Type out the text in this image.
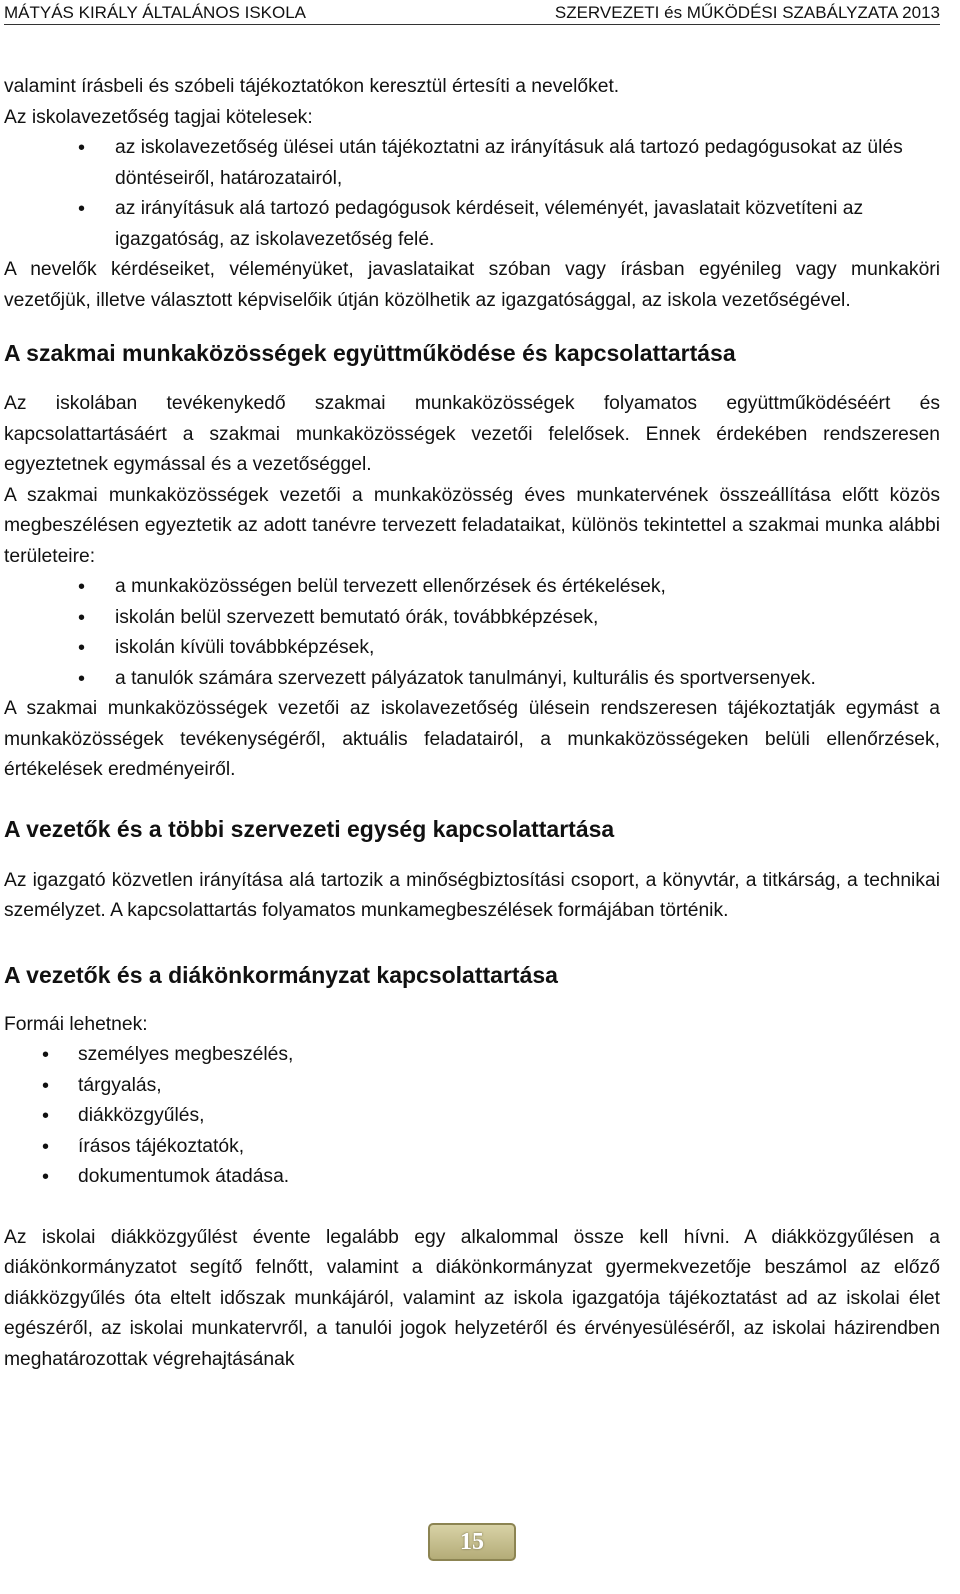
MÁTYÁS KIRÁLY ÁLTALÁNOS ISKOLA	SZERVEZETI és MŰKÖDÉSI SZABÁLYZATA 2013

valamint írásbeli és szóbeli tájékoztatókon keresztül értesíti a nevelőket.

Az iskolavezetőség tagjai kötelesek:

• az iskolavezetőség ülései után tájékoztatni az irányításuk alá tartozó pedagógusokat az ülés döntéseiről, határozatairól,
• az irányításuk alá tartozó pedagógusok kérdéseit, véleményét, javaslatait közvetíteni az igazgatóság, az iskolavezetőség felé.

A nevelők kérdéseiket, véleményüket, javaslataikat szóban vagy írásban egyénileg vagy munkaköri vezetőjük, illetve választott képviselőik útján közölhetik az igazgatósággal, az iskola vezetőségével.

A szakmai munkaközösségek együttműködése és kapcsolattartása

Az iskolában tevékenykedő szakmai munkaközösségek folyamatos együttműködéséért és kapcsolattartásáért a szakmai munkaközösségek vezetői felelősek. Ennek érdekében rendszeresen egyeztetnek egymással és a vezetőséggel.

A szakmai munkaközösségek vezetői a munkaközösség éves munkatervének összeállítása előtt közös megbeszélésen egyeztetik az adott tanévre tervezett feladataikat, különös tekintettel a szakmai munka alábbi területeire:

• a munkaközösségen belül tervezett ellenőrzések és értékelések,
• iskolán belül szervezett bemutató órák, továbbképzések,
• iskolán kívüli továbbképzések,
• a tanulók számára szervezett pályázatok tanulmányi, kulturális és sportversenyek.

A szakmai munkaközösségek vezetői az iskolavezetőség ülésein rendszeresen tájékoztatják egymást a munkaközösségek tevékenységéről, aktuális feladatairól, a munkaközösségeken belüli ellenőrzések, értékelések eredményeiről.

A vezetők és a többi szervezeti egység kapcsolattartása

Az igazgató közvetlen irányítása alá tartozik a minőségbiztosítási csoport, a könyvtár, a titkárság, a technikai személyzet. A kapcsolattartás folyamatos munkamegbeszélések formájában történik.

A vezetők és a diákönkormányzat kapcsolattartása

Formái lehetnek:

• személyes megbeszélés,
• tárgyalás,
• diákközgyűlés,
• írásos tájékoztatók,
• dokumentumok átadása.

Az iskolai diákközgyűlést évente legalább egy alkalommal össze kell hívni. A diákközgyűlésen a diákönkormányzatot segítő felnőtt, valamint a diákönkormányzat gyermekvezetője beszámol az előző diákközgyűlés óta eltelt időszak munkájáról, valamint az iskola igazgatója tájékoztatást ad az iskolai élet egészéről, az iskolai munkatervről, a tanulói jogok helyzetéről és érvényesüléséről, az iskolai házirendben meghatározottak végrehajtásának

15
